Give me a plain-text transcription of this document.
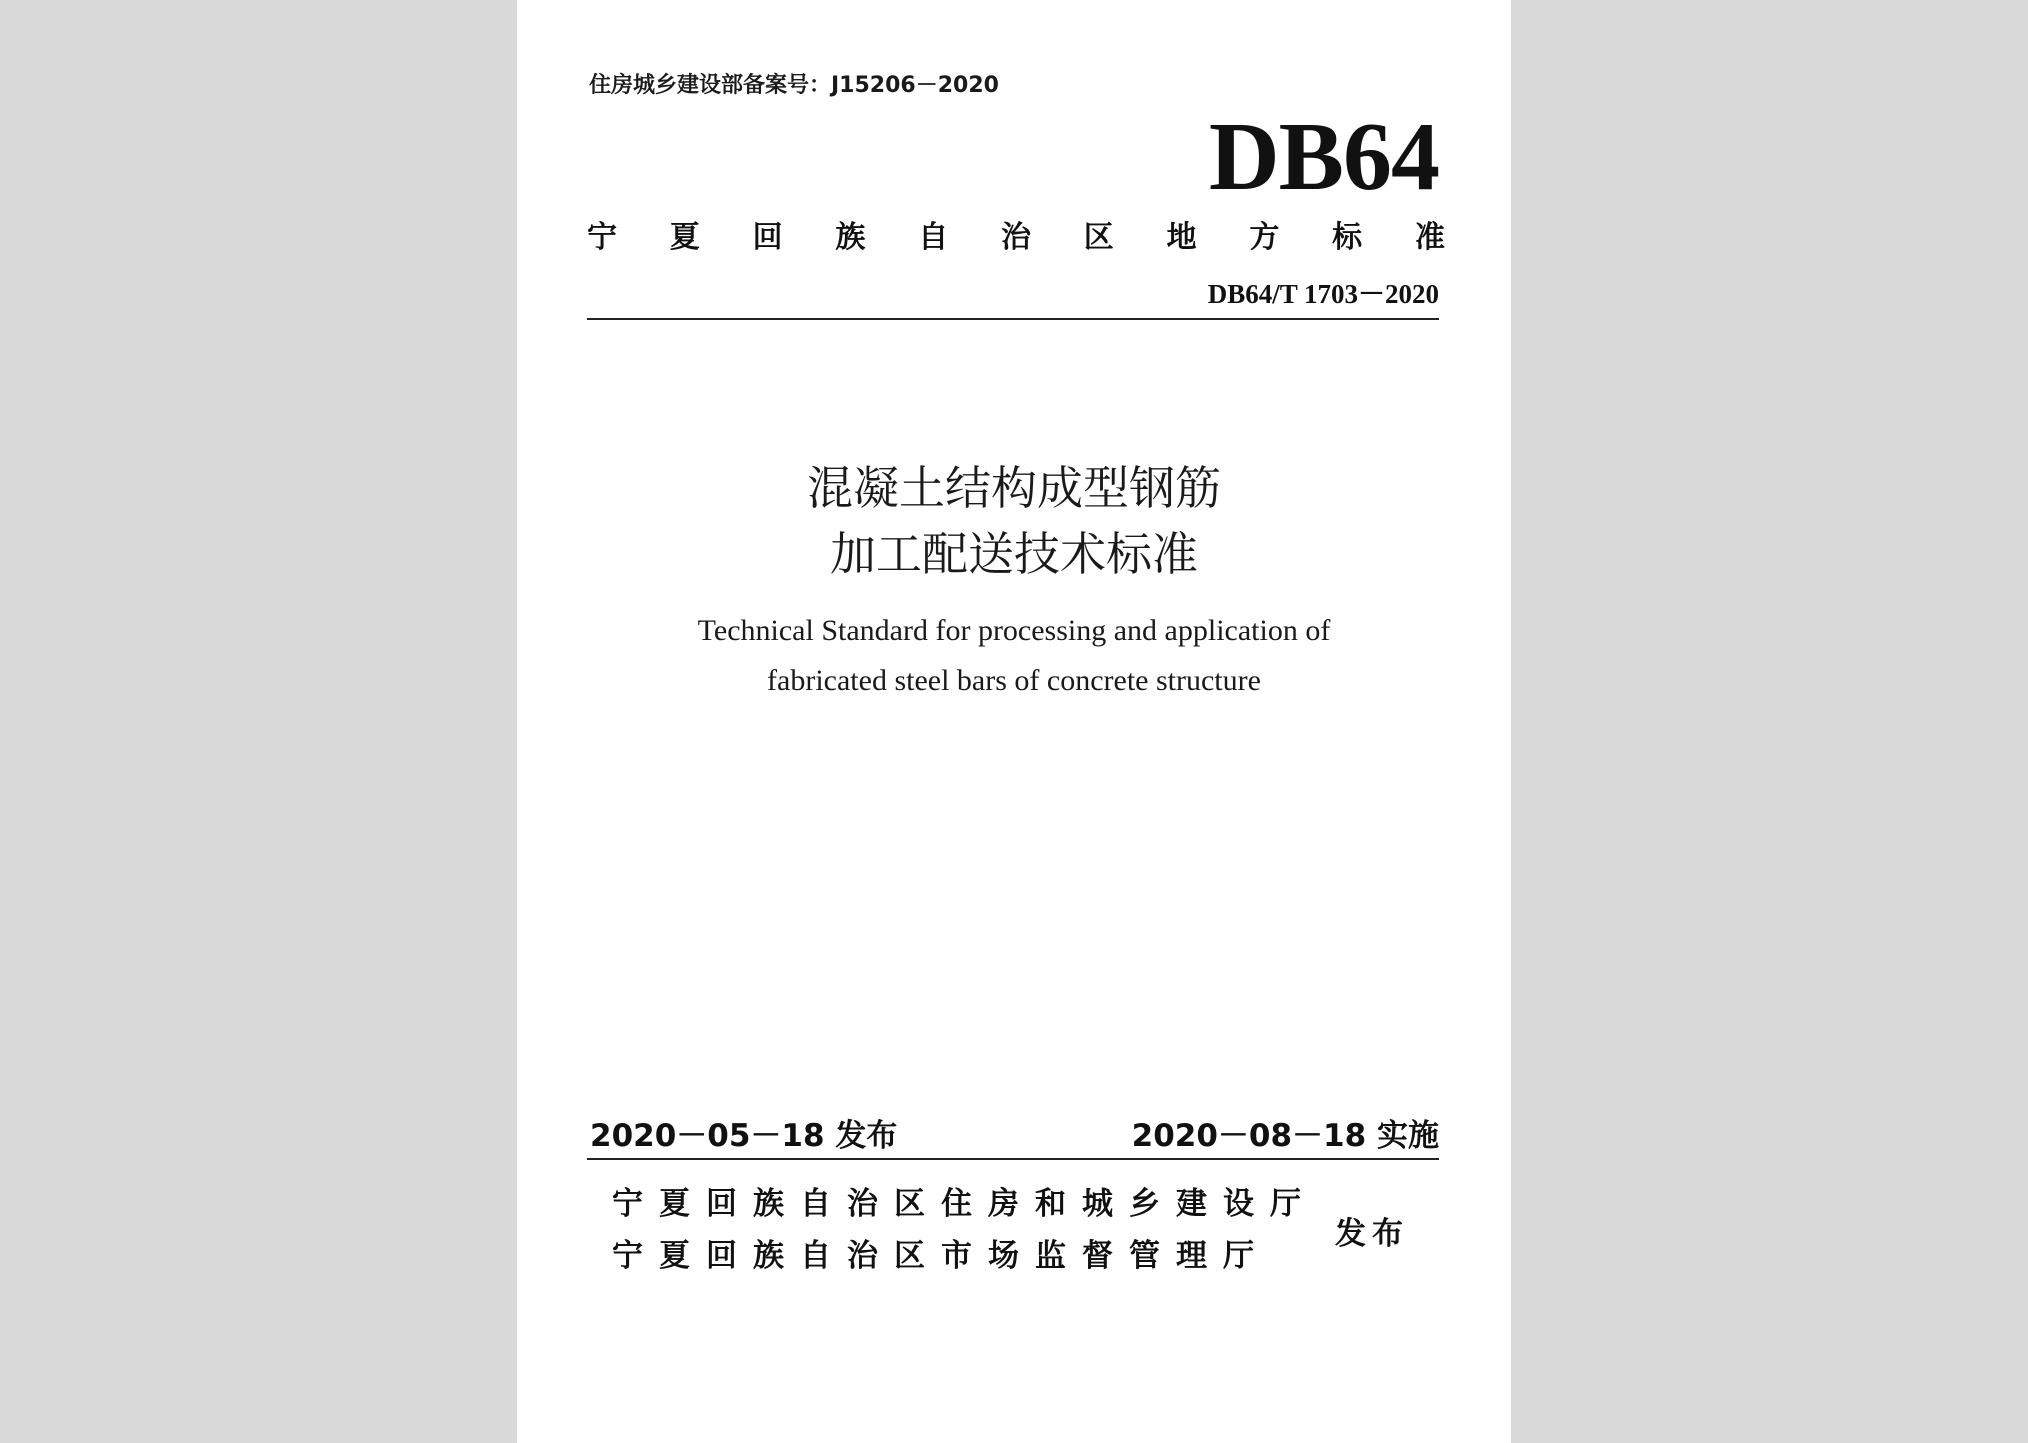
住房城乡建设部备案号：J15206－2020
DB64
宁 夏 回 族 自 治 区 地 方 标 准
DB64/T 1703－2020
混凝土结构成型钢筋
加工配送技术标准
Technical Standard for processing and application of
fabricated steel bars of concrete structure
2020－05－18 发布	2020－08－18 实施
宁夏回族自治区住房和城乡建设厅
宁夏回族自治区市场监督管理厅
发布
